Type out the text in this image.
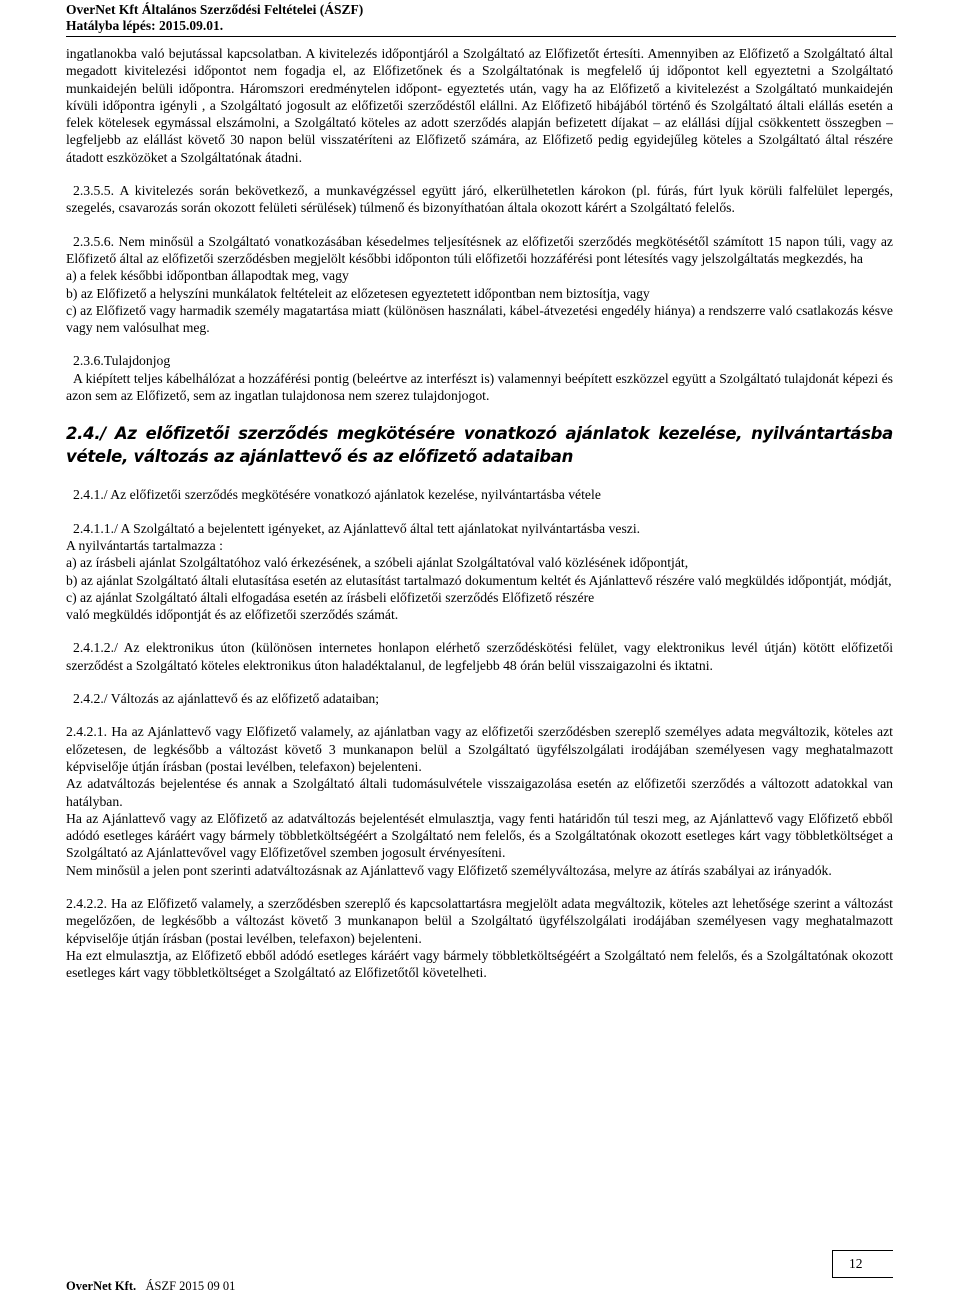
OverNet Kft Általános Szerződési Feltételei (ÁSZF)
Hatályba lépés: 2015.09.01.

ingatlanokba való bejutással kapcsolatban. A kivitelezés időpontjáról a Szolgáltató az Előfizetőt értesíti. Amennyiben az Előfizető a Szolgáltató által megadott kivitelezési időpontot nem fogadja el, az Előfizetőnek és a Szolgáltatónak is megfelelő új időpontot kell egyeztetni a Szolgáltató munkaidején belüli időpontra. Háromszori eredménytelen időpont- egyeztetés után, vagy ha az Előfizető a kivitelezést a Szolgáltató munkaidején kívüli időpontra igényli , a Szolgáltató jogosult az előfizetői szerződéstől elállni. Az Előfizető hibájából történő és Szolgáltató általi elállás esetén a felek kötelesek egymással elszámolni, a Szolgáltató köteles az adott szerződés alapján befizetett díjakat – az elállási díjjal csökkentett összegben – legfeljebb az elállást követő 30 napon belül visszatéríteni az Előfizető számára, az Előfizető pedig egyidejűleg köteles a Szolgáltató által részére átadott eszközöket a Szolgáltatónak átadni.

2.3.5.5. A kivitelezés során bekövetkező, a munkavégzéssel együtt járó, elkerülhetetlen károkon (pl. fúrás, fúrt lyuk körüli falfelület lepergés, szegelés, csavarozás során okozott felületi sérülések) túlmenő és bizonyíthatóan általa okozott kárért a Szolgáltató felelős.

2.3.5.6. Nem minősül a Szolgáltató vonatkozásában késedelmes teljesítésnek az előfizetői szerződés megkötésétől számított 15 napon túli, vagy az Előfizető által az előfizetői szerződésben megjelölt későbbi időponton túli előfizetői hozzáférési pont létesítés vagy jelszolgáltatás megkezdés, ha

a) a felek későbbi időpontban állapodtak meg, vagy

b) az Előfizető a helyszíni munkálatok feltételeit az előzetesen egyeztetett időpontban nem biztosítja, vagy

c) az Előfizető vagy harmadik személy magatartása miatt (különösen használati, kábel-átvezetési engedély hiánya) a rendszerre való csatlakozás késve vagy nem valósulhat meg.

2.3.6.Tulajdonjog

A kiépített teljes kábelhálózat a hozzáférési pontig (beleértve az interfészt is) valamennyi beépített eszközzel együtt a Szolgáltató tulajdonát képezi és azon sem az Előfizető, sem az ingatlan tulajdonosa nem szerez tulajdonjogot.

2.4./ Az előfizetői szerződés megkötésére vonatkozó ajánlatok kezelése, nyilvántartásba vétele, változás az ajánlattevő és az előfizető adataiban

2.4.1./ Az előfizetői szerződés megkötésére vonatkozó ajánlatok kezelése, nyilvántartásba vétele

2.4.1.1./ A Szolgáltató a bejelentett igényeket, az Ajánlattevő által tett ajánlatokat nyilvántartásba veszi.

A nyilvántartás tartalmazza :

a) az írásbeli ajánlat Szolgáltatóhoz való érkezésének, a szóbeli ajánlat Szolgáltatóval való közlésének időpontját,

b) az ajánlat Szolgáltató általi elutasítása esetén az elutasítást tartalmazó dokumentum keltét és Ajánlattevő részére való megküldés időpontját, módját,

c) az ajánlat Szolgáltató általi elfogadása esetén az írásbeli előfizetői szerződés Előfizető részére

való megküldés időpontját és az előfizetői szerződés számát.

2.4.1.2./ Az elektronikus úton (különösen internetes honlapon elérhető szerződéskötési felület, vagy elektronikus levél útján) kötött előfizetői szerződést a Szolgáltató köteles elektronikus úton haladéktalanul, de legfeljebb 48 órán belül visszaigazolni és iktatni.

2.4.2./ Változás az ajánlattevő és az előfizető adataiban;

2.4.2.1. Ha az Ajánlattevő vagy Előfizető valamely, az ajánlatban vagy az előfizetői szerződésben szereplő személyes adata megváltozik, köteles azt előzetesen, de legkésőbb a változást követő 3 munkanapon belül a Szolgáltató ügyfélszolgálati irodájában személyesen vagy meghatalmazott képviselője útján írásban (postai levélben, telefaxon) bejelenteni.

Az adatváltozás bejelentése és annak a Szolgáltató általi tudomásulvétele visszaigazolása esetén az előfizetői szerződés a változott adatokkal van hatályban.

Ha az Ajánlattevő vagy az Előfizető az adatváltozás bejelentését elmulasztja, vagy fenti határidőn túl teszi meg, az Ajánlattevő vagy Előfizető ebből adódó esetleges káráért vagy bármely többletköltségéért a Szolgáltató nem felelős, és a Szolgáltatónak okozott esetleges kárt vagy többletköltséget a Szolgáltató az Ajánlattevővel vagy Előfizetővel szemben jogosult érvényesíteni.

Nem minősül a jelen pont szerinti adatváltozásnak az Ajánlattevő vagy Előfizető személyváltozása, melyre az átírás szabályai az irányadók.

2.4.2.2. Ha az Előfizető valamely, a szerződésben szereplő és kapcsolattartásra megjelölt adata megváltozik, köteles azt lehetősége szerint a változást megelőzően, de legkésőbb a változást követő 3 munkanapon belül a Szolgáltató ügyfélszolgálati irodájában személyesen vagy meghatalmazott képviselője útján írásban (postai levélben, telefaxon) bejelenteni.

Ha ezt elmulasztja, az Előfizető ebből adódó esetleges káráért vagy bármely többletköltségéért a Szolgáltató nem felelős, és a Szolgáltatónak okozott esetleges kárt vagy többletköltséget a Szolgáltató az Előfizetőtől követelheti.

12
OverNet Kft. ÁSZF 2015 09 01
